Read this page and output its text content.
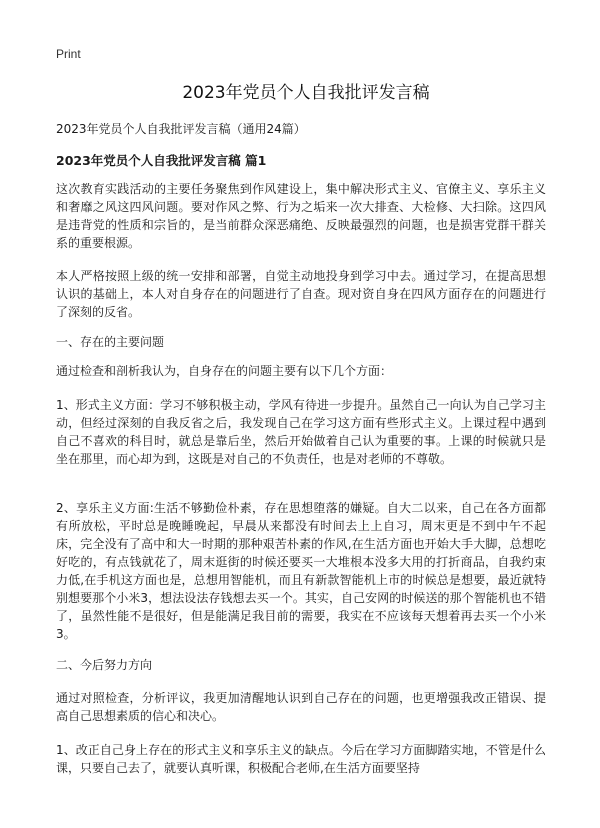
Print
2023年党员个人自我批评发言稿

2023年党员个人自我批评发言稿（通用24篇）

2023年党员个人自我批评发言稿 篇1

这次教育实践活动的主要任务聚焦到作风建设上，集中解决形式主义、官僚主义、享乐主义和奢靡之风这四风问题。要对作风之弊、行为之垢来一次大排查、大检修、大扫除。这四风是违背党的性质和宗旨的，是当前群众深恶痛绝、反映最强烈的问题，也是损害党群干群关系的重要根源。

本人严格按照上级的统一安排和部署，自觉主动地投身到学习中去。通过学习，在提高思想认识的基础上，本人对自身存在的问题进行了自查。现对资自身在四风方面存在的问题进行了深刻的反省。

一、存在的主要问题

通过检查和剖析我认为，自身存在的问题主要有以下几个方面：

1、形式主义方面：学习不够积极主动，学风有待进一步提升。虽然自己一向认为自己学习主动，但经过深刻的自我反省之后，我发现自己在学习这方面有些形式主义。上课过程中遇到自己不喜欢的科目时，就总是靠后坐，然后开始做着自己认为重要的事。上课的时候就只是坐在那里，而心却为到，这既是对自己的不负责任，也是对老师的不尊敬。

2、享乐主义方面:生活不够勤俭朴素，存在思想堕落的嫌疑。自大二以来，自己在各方面都有所放松，平时总是晚睡晚起，早晨从来都没有时间去上上自习，周末更是不到中午不起床，完全没有了高中和大一时期的那种艰苦朴素的作风,在生活方面也开始大手大脚，总想吃好吃的，有点钱就花了，周末逛街的时候还要买一大堆根本没多大用的打折商品，自我约束力低,在手机这方面也是，总想用智能机，而且有新款智能机上市的时候总是想要，最近就特别想要那个小米3，想法设法存钱想去买一个。其实，自己安网的时候送的那个智能机也不错了，虽然性能不是很好，但是能满足我目前的需要，我实在不应该每天想着再去买一个小米3。

二、今后努力方向

通过对照检查，分析评议，我更加清醒地认识到自己存在的问题，也更增强我改正错误、提高自己思想素质的信心和决心。

1、改正自己身上存在的形式主义和享乐主义的缺点。今后在学习方面脚踏实地，不管是什么课，只要自己去了，就要认真听课，积极配合老师,在生活方面要坚持
